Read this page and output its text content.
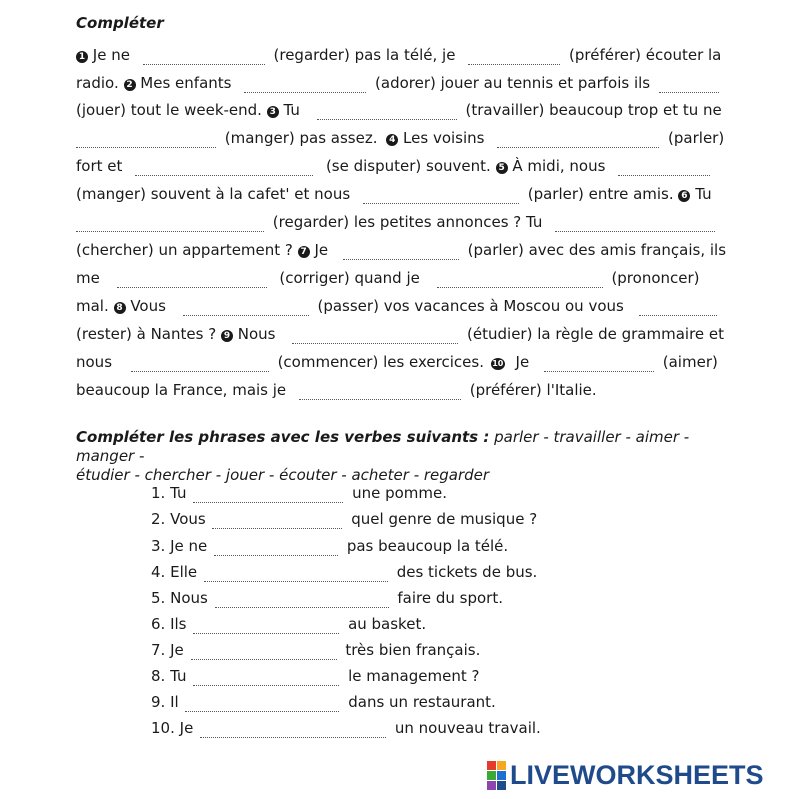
Compléter
1 Je ne	(regarder) pas la télé, je	(préférer) écouter la
radio. 2 Mes enfants	(adorer) jouer au tennis et parfois ils
(jouer) tout le week-end. 3 Tu	(travailler) beaucoup trop et tu ne
(manger) pas assez. 4 Les voisins	(parler)
fort et	(se disputer) souvent. 5 À midi, nous
(manger) souvent à la cafet' et nous	(parler) entre amis. 6 Tu
(regarder) les petites annonces ? Tu
(chercher) un appartement ? 7 Je	(parler) avec des amis français, ils
me	(corriger) quand je	(prononcer)
mal. 8 Vous	(passer) vos vacances à Moscou ou vous
(rester) à Nantes ? 9 Nous	(étudier) la règle de grammaire et
nous	(commencer) les exercices. 10 Je	(aimer)
beaucoup la France, mais je	(préférer) l'Italie.
Compléter les phrases avec les verbes suivants : parler - travailler - aimer - manger -
étudier - chercher - jouer - écouter - acheter - regarder
1. Tu	une pomme.
2. Vous	quel genre de musique ?
3. Je ne	pas beaucoup la télé.
4. Elle	des tickets de bus.
5. Nous	faire du sport.
6. Ils	au basket.
7. Je	très bien français.
8. Tu	le management ?
9. Il	dans un restaurant.
10. Je	un nouveau travail.
LIVEWORKSHEETS
